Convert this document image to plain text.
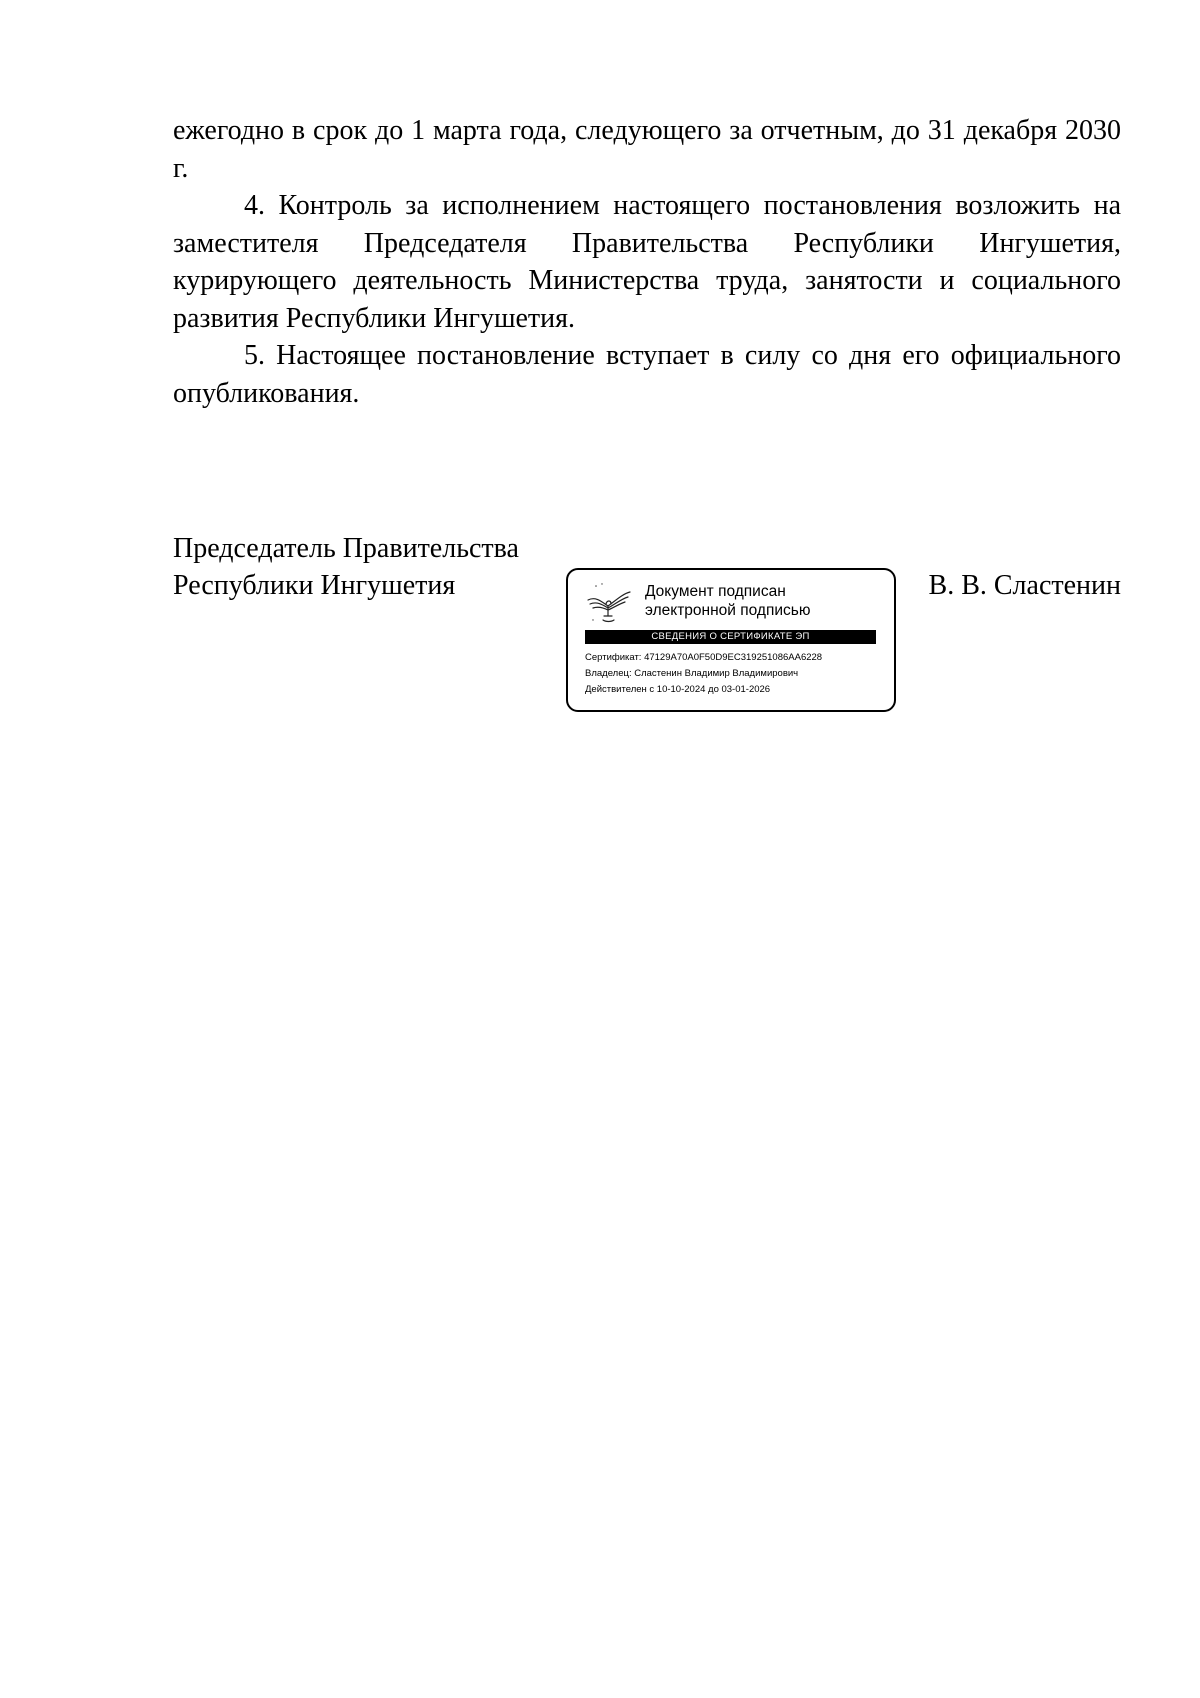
ежегодно в срок до 1 марта года, следующего за отчетным, до 31 декабря 2030 г.

4. Контроль за исполнением настоящего постановления возложить на заместителя Председателя Правительства Республики Ингушетия, курирующего деятельность Министерства труда, занятости и социального развития Республики Ингушетия.

5. Настоящее постановление вступает в силу со дня его официального опубликования.

Председатель Правительства
Республики Ингушетия	Документ подписан
электронной подписью
СВЕДЕНИЯ О СЕРТИФИКАТЕ ЭП
Сертификат: 47129A70A0F50D9EC319251086AA6228
Владелец: Сластенин Владимир Владимирович
Действителен с 10-10-2024 до 03-01-2026
В. В. Сластенин
